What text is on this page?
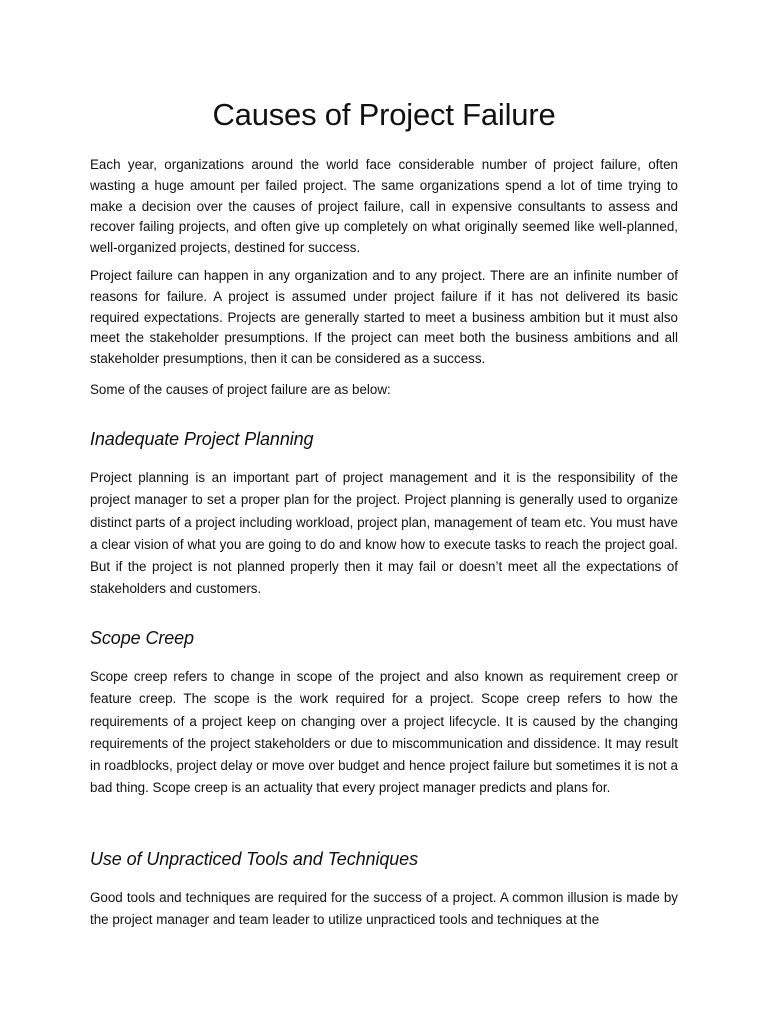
Causes of Project Failure

Each year, organizations around the world face considerable number of project failure, often wasting a huge amount per failed project. The same organizations spend a lot of time trying to make a decision over the causes of project failure, call in expensive consultants to assess and recover failing projects, and often give up completely on what originally seemed like well-planned, well-organized projects, destined for success.

Project failure can happen in any organization and to any project. There are an infinite number of reasons for failure. A project is assumed under project failure if it has not delivered its basic required expectations. Projects are generally started to meet a business ambition but it must also meet the stakeholder presumptions. If the project can meet both the business ambitions and all stakeholder presumptions, then it can be considered as a success.

Some of the causes of project failure are as below:

Inadequate Project Planning

Project planning is an important part of project management and it is the responsibility of the project manager to set a proper plan for the project. Project planning is generally used to organize distinct parts of a project including workload, project plan, management of team etc. You must have a clear vision of what you are going to do and know how to execute tasks to reach the project goal. But if the project is not planned properly then it may fail or doesn’t meet all the expectations of stakeholders and customers.

Scope Creep

Scope creep refers to change in scope of the project and also known as requirement creep or feature creep. The scope is the work required for a project. Scope creep refers to how the requirements of a project keep on changing over a project lifecycle. It is caused by the changing requirements of the project stakeholders or due to miscommunication and dissidence. It may result in roadblocks, project delay or move over budget and hence project failure but sometimes it is not a bad thing. Scope creep is an actuality that every project manager predicts and plans for.

Use of Unpracticed Tools and Techniques

Good tools and techniques are required for the success of a project. A common illusion is made by the project manager and team leader to utilize unpracticed tools and techniques at the
